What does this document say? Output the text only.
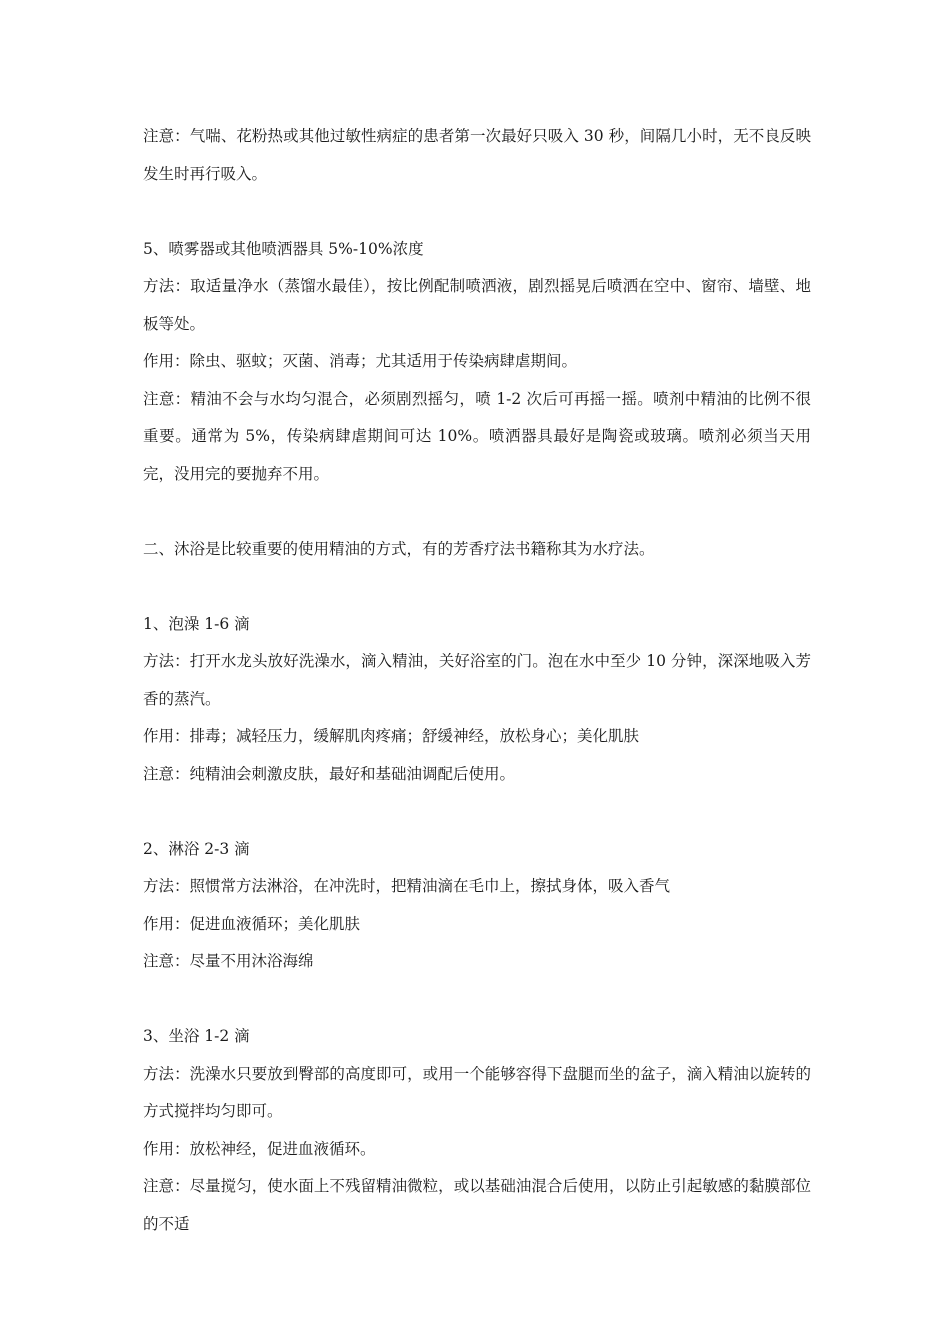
注意：气喘、花粉热或其他过敏性病症的患者第一次最好只吸入 30 秒，间隔几小时，无不良反映发生时再行吸入。

5、喷雾器或其他喷洒器具 5%-10%浓度

方法：取适量净水（蒸馏水最佳），按比例配制喷洒液，剧烈摇晃后喷洒在空中、窗帘、墙壁、地板等处。

作用：除虫、驱蚊；灭菌、消毒；尤其适用于传染病肆虐期间。

注意：精油不会与水均匀混合，必须剧烈摇匀，喷 1-2 次后可再摇一摇。喷剂中精油的比例不很重要。通常为 5%，传染病肆虐期间可达 10%。喷洒器具最好是陶瓷或玻璃。喷剂必须当天用完，没用完的要抛弃不用。

二、沐浴是比较重要的使用精油的方式，有的芳香疗法书籍称其为水疗法。

1、泡澡 1-6 滴

方法：打开水龙头放好洗澡水，滴入精油，关好浴室的门。泡在水中至少 10 分钟，深深地吸入芳香的蒸汽。

作用：排毒；减轻压力，缓解肌肉疼痛；舒缓神经，放松身心；美化肌肤

注意：纯精油会刺激皮肤，最好和基础油调配后使用。

2、淋浴 2-3 滴

方法：照惯常方法淋浴，在冲洗时，把精油滴在毛巾上，擦拭身体，吸入香气

作用：促进血液循环；美化肌肤

注意：尽量不用沐浴海绵

3、坐浴 1-2 滴

方法：洗澡水只要放到臀部的高度即可，或用一个能够容得下盘腿而坐的盆子，滴入精油以旋转的方式搅拌均匀即可。

作用：放松神经，促进血液循环。

注意：尽量搅匀，使水面上不残留精油微粒，或以基础油混合后使用，以防止引起敏感的黏膜部位的不适
